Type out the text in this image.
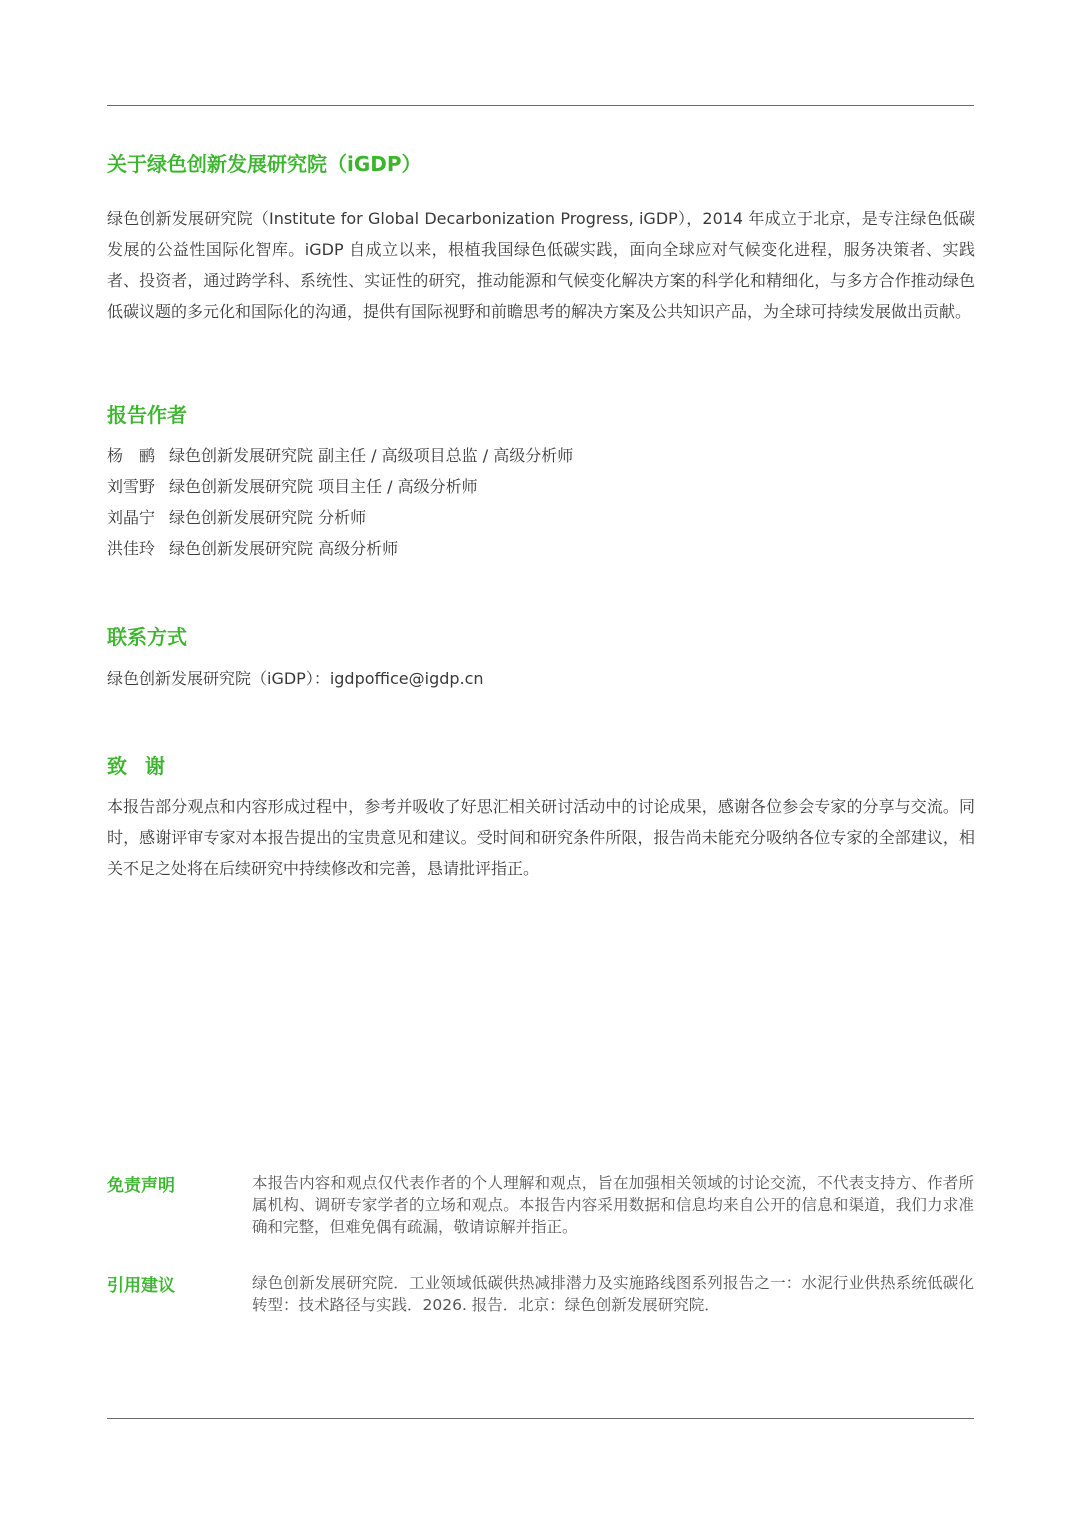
关于绿色创新发展研究院（iGDP）

绿色创新发展研究院（Institute for Global Decarbonization Progress, iGDP），2014 年成立于北京，是专注绿色低碳发展的公益性国际化智库。iGDP 自成立以来，根植我国绿色低碳实践，面向全球应对气候变化进程，服务决策者、实践者、投资者，通过跨学科、系统性、实证性的研究，推动能源和气候变化解决方案的科学化和精细化，与多方合作推动绿色低碳议题的多元化和国际化的沟通，提供有国际视野和前瞻思考的解决方案及公共知识产品，为全球可持续发展做出贡献。

报告作者
杨　鹂 绿色创新发展研究院 副主任 / 高级项目总监 / 高级分析师
刘雪野 绿色创新发展研究院 项目主任 / 高级分析师
刘晶宁 绿色创新发展研究院 分析师
洪佳玲 绿色创新发展研究院 高级分析师
联系方式

绿色创新发展研究院（iGDP）：igdpoffice@igdp.cn

致谢

本报告部分观点和内容形成过程中，参考并吸收了好思汇相关研讨活动中的讨论成果，感谢各位参会专家的分享与交流。同时，感谢评审专家对本报告提出的宝贵意见和建议。受时间和研究条件所限，报告尚未能充分吸纳各位专家的全部建议，相关不足之处将在后续研究中持续修改和完善，恳请批评指正。

免责声明	本报告内容和观点仅代表作者的个人理解和观点，旨在加强相关领域的讨论交流，不代表支持方、作者所属机构、调研专家学者的立场和观点。本报告内容采用数据和信息均来自公开的信息和渠道，我们力求准确和完整，但难免偶有疏漏，敬请谅解并指正。

引用建议	绿色创新发展研究院．工业领域低碳供热减排潜力及实施路线图系列报告之一：水泥行业供热系统低碳化转型：技术路径与实践．2026. 报告．北京：绿色创新发展研究院．
